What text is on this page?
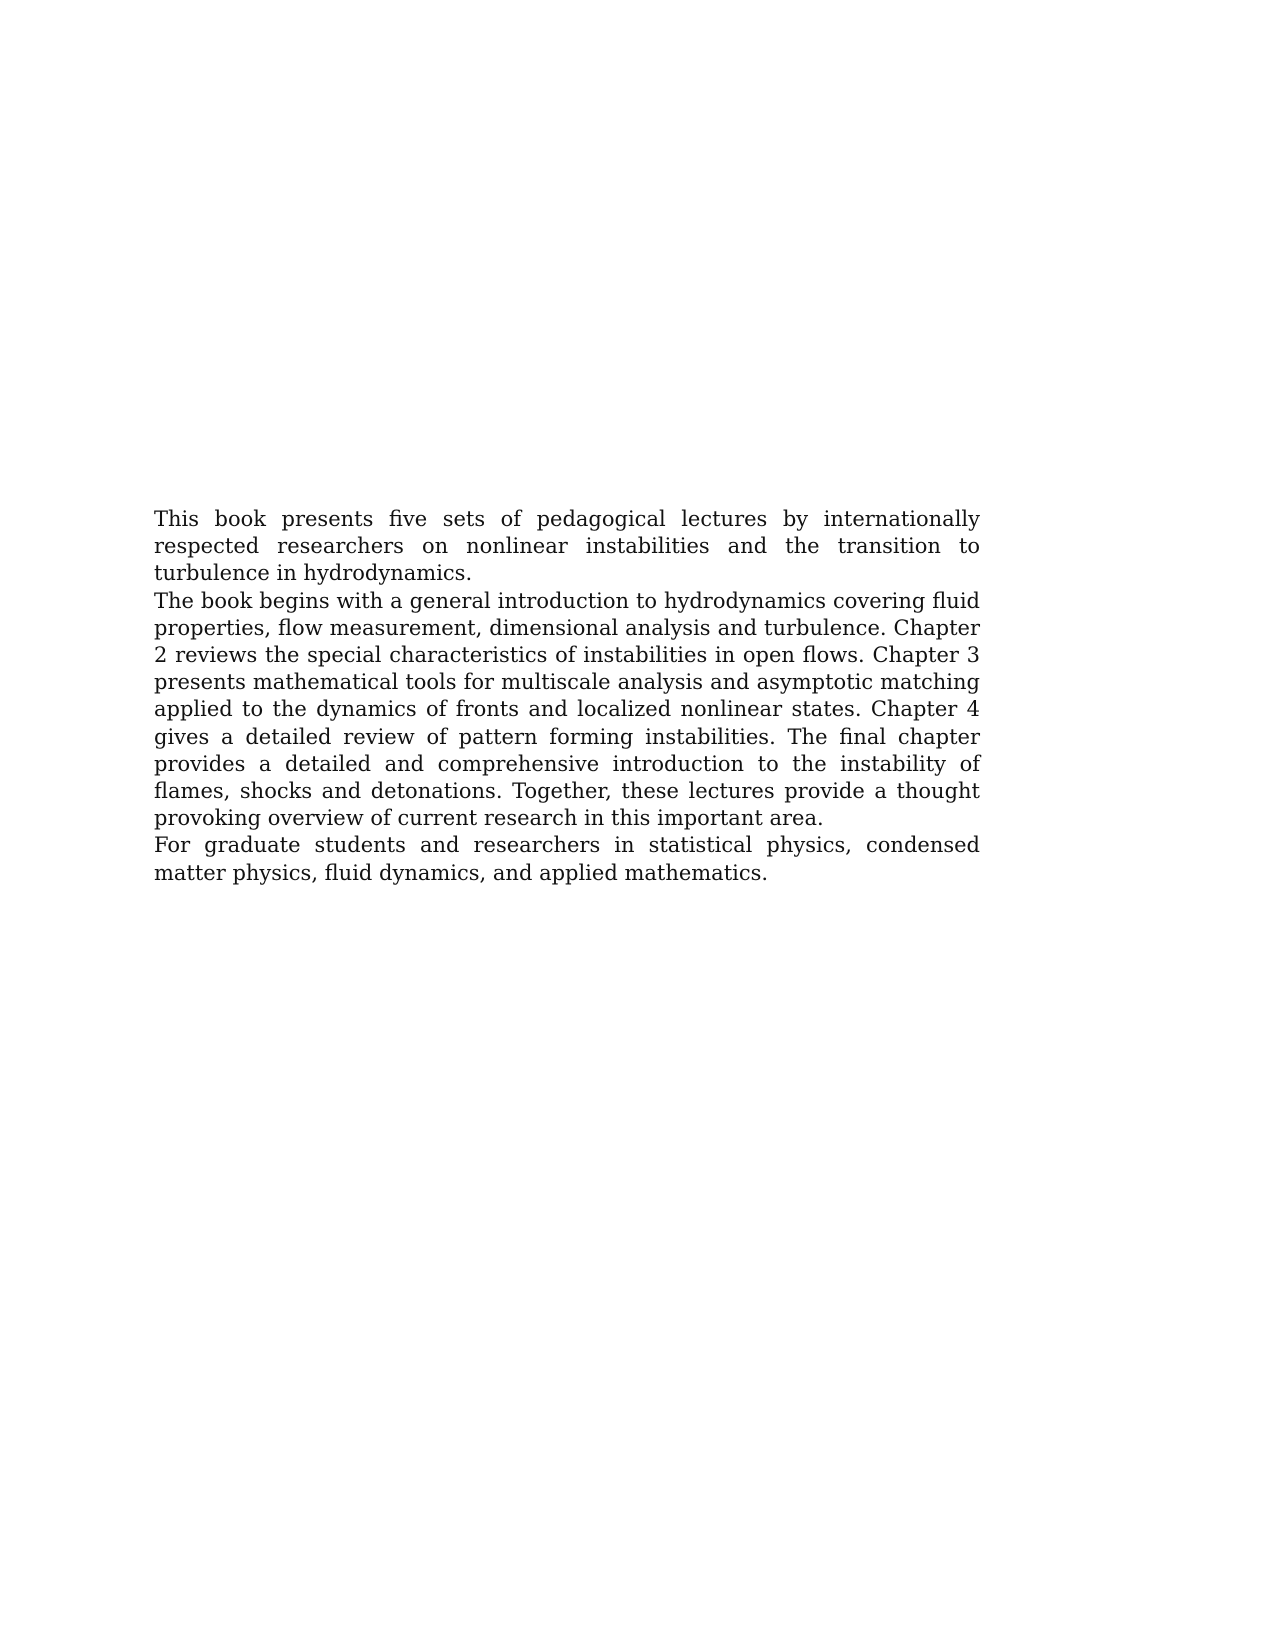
This book presents five sets of pedagogical lectures by internationally respected researchers on nonlinear instabilities and the transition to turbulence in hydrodynamics.

The book begins with a general introduction to hydrodynamics covering fluid properties, flow measurement, dimensional analysis and turbulence. Chapter 2 reviews the special characteristics of instabilities in open flows. Chapter 3 presents mathematical tools for multiscale analysis and asymptotic matching applied to the dynamics of fronts and localized nonlinear states. Chapter 4 gives a detailed review of pattern forming instabilities. The final chapter provides a detailed and comprehensive introduction to the instability of flames, shocks and detonations. Together, these lectures provide a thought provoking overview of current research in this important area.

For graduate students and researchers in statistical physics, condensed matter physics, fluid dynamics, and applied mathematics.
